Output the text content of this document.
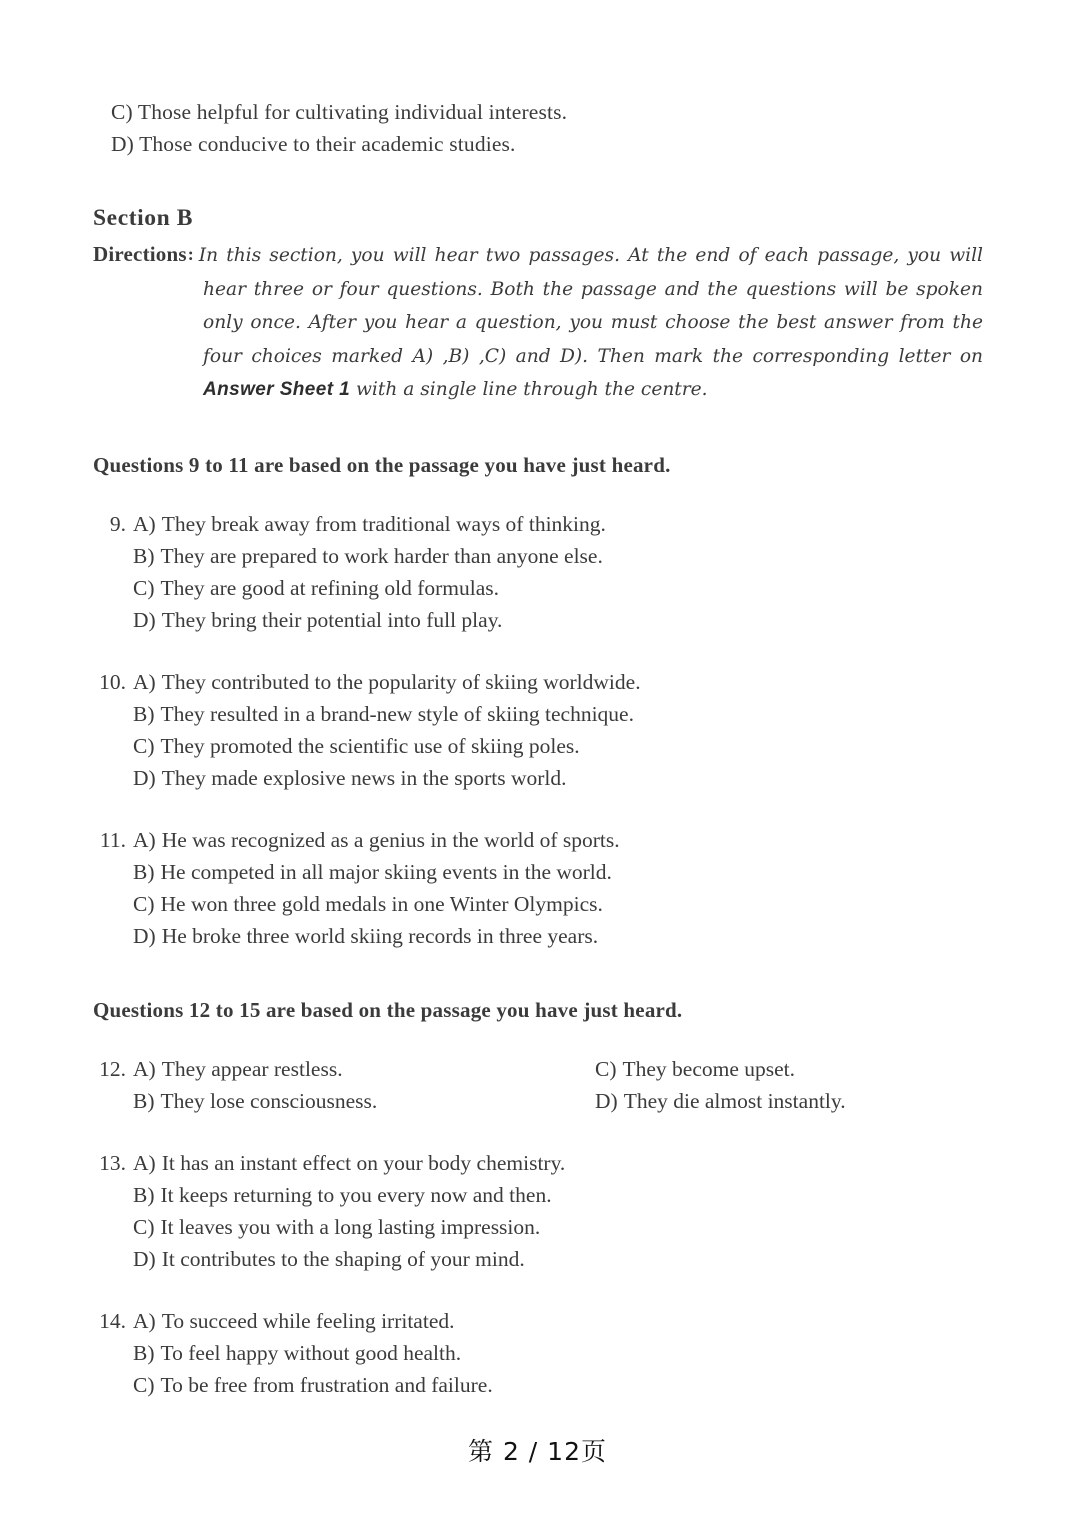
C) Those helpful for cultivating individual interests.
D) Those conducive to their academic studies.
Section B
Directions: In this section, you will hear two passages. At the end of each passage, you will hear three or four questions. Both the passage and the questions will be spoken only once. After you hear a question, you must choose the best answer from the four choices marked A) ,B) ,C) and D). Then mark the corresponding letter on Answer Sheet 1 with a single line through the centre.
Questions 9 to 11 are based on the passage you have just heard.
9. A) They break away from traditional ways of thinking.
B) They are prepared to work harder than anyone else.
C) They are good at refining old formulas.
D) They bring their potential into full play.
10. A) They contributed to the popularity of skiing worldwide.
B) They resulted in a brand-new style of skiing technique.
C) They promoted the scientific use of skiing poles.
D) They made explosive news in the sports world.
11. A) He was recognized as a genius in the world of sports.
B) He competed in all major skiing events in the world.
C) He won three gold medals in one Winter Olympics.
D) He broke three world skiing records in three years.
Questions 12 to 15 are based on the passage you have just heard.
12. A) They appear restless.	C) They become upset.
B) They lose consciousness.	D) They die almost instantly.
13. A) It has an instant effect on your body chemistry.
B) It keeps returning to you every now and then.
C) It leaves you with a long lasting impression.
D) It contributes to the shaping of your mind.
14. A) To succeed while feeling irritated.
B) To feel happy without good health.
C) To be free from frustration and failure.
第 2 / 12页
